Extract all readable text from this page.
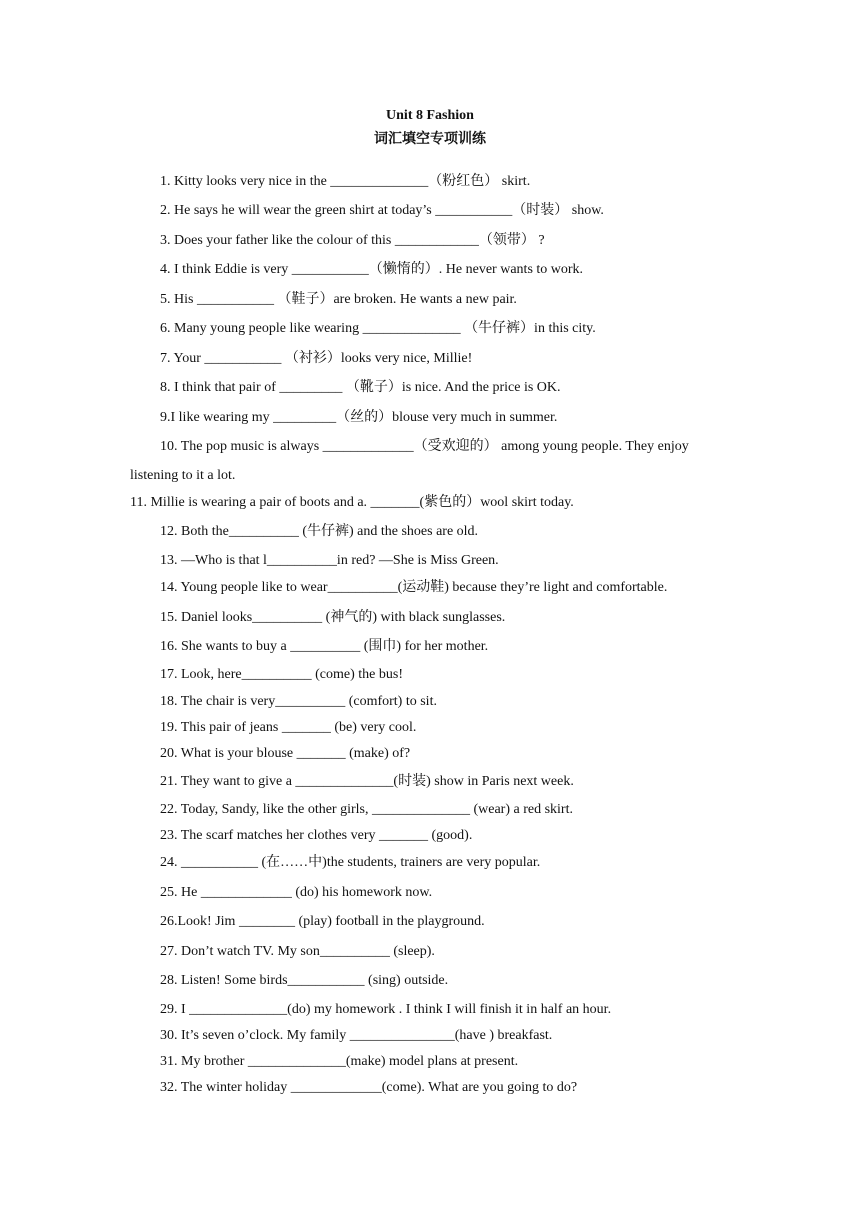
Unit 8 Fashion
词汇填空专项训练
1. Kitty looks very nice in the ______________（粉红色） skirt.
2. He says he will wear the green shirt at today’s ___________（时装） show.
3. Does your father like the colour of this ____________（领带） ?
4. I think Eddie is very ___________（懒惰的）. He never wants to work.
5. His ___________ （鞋子）are broken. He wants a new pair.
6. Many young people like wearing ______________ （牛仔裤）in this city.
7. Your ___________ （衬衫）looks very nice, Millie!
8. I think that pair of _________ （靴子）is nice. And the price is OK.
9.I like wearing my _________（丝的）blouse very much in summer.
10. The pop music is always _____________（受欢迎的） among young people. They enjoy
listening to it a lot.
11. Millie is wearing a pair of boots and a. _______(紫色的）wool skirt today.
12. Both the__________ (牛仔裤) and the shoes are old.
13. —Who is that l__________in red? —She is Miss Green.
14. Young people like to wear__________(运动鞋) because they’re light and comfortable.
15. Daniel looks__________ (神气的) with black sunglasses.
16. She wants to buy a __________ (围巾) for her mother.
17. Look, here__________ (come) the bus!
18. The chair is very__________ (comfort) to sit.
19. This pair of jeans _______ (be) very cool.
20. What is your blouse _______ (make) of?
21. They want to give a ______________(时装) show in Paris next week.
22. Today, Sandy, like the other girls, ______________ (wear) a red skirt.
23. The scarf matches her clothes very _______ (good).
24. ___________ (在……中)the students, trainers are very popular.
25. He _____________ (do) his homework now.
26.Look! Jim ________ (play) football in the playground.
27. Don’t watch TV. My son__________ (sleep).
28. Listen! Some birds___________ (sing) outside.
29. I ______________(do) my homework . I think I will finish it in half an hour.
30. It’s seven o’clock. My family _______________(have ) breakfast.
31. My brother ______________(make) model plans at present.
32. The winter holiday _____________(come). What are you going to do?
